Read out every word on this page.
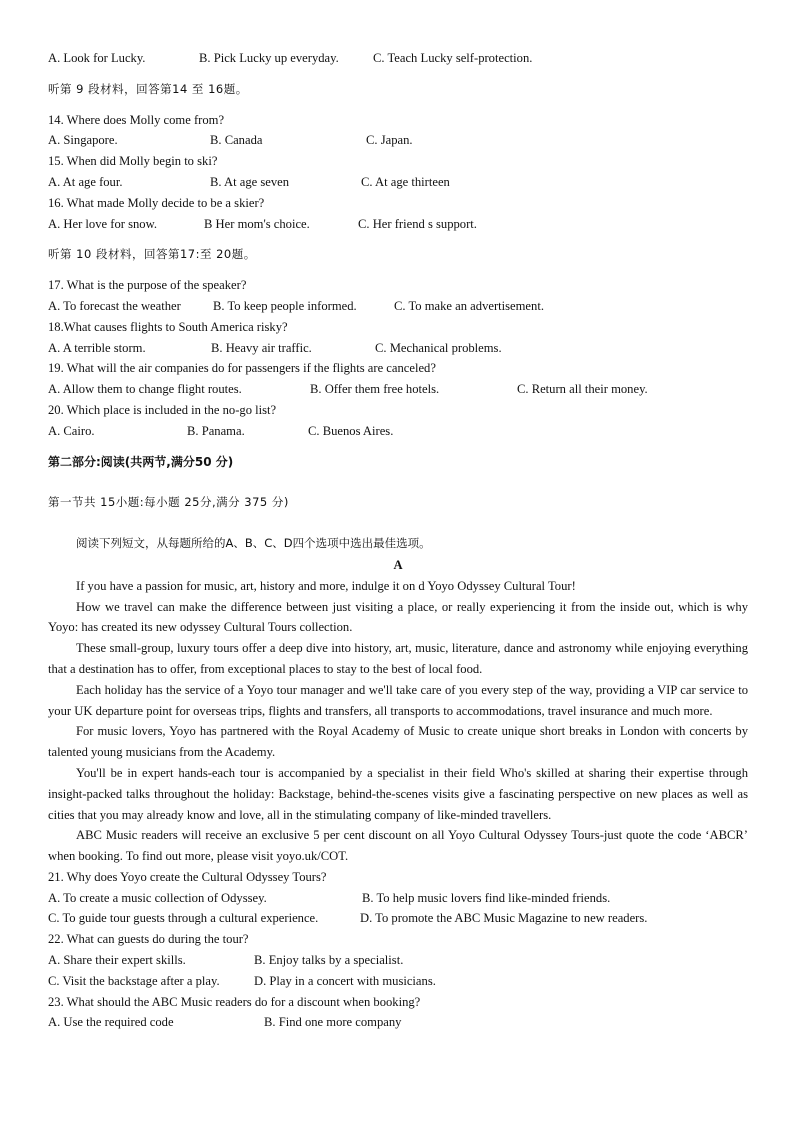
A. Look for Lucky.	B. Pick Lucky up everyday.	C. Teach Lucky self-protection.
听第 9 段材料，回答第14 至 16题。
14. Where does Molly come from?
A. Singapore.	B. Canada	C. Japan.
15. When did Molly begin to ski?
A. At age four.	B. At age seven	C. At age thirteen
16. What made Molly decide to be a skier?
A. Her love for snow.	B Her mom's choice.	C. Her friend s support.
听第 10 段材料，回答第17:至 20题。
17. What is the purpose of the speaker?
A. To forecast the weather	B. To keep people informed.	C. To make an advertisement.
18.What causes flights to South America risky?
A. A terrible storm.	B. Heavy air traffic.	C. Mechanical problems.
19. What will the air companies do for passengers if the flights are canceled?
A. Allow them to change flight routes.	B. Offer them free hotels.	C. Return all their money.
20. Which place is included in the no-go list?
A. Cairo.	B. Panama.	C. Buenos Aires.
第二部分:阅读(共两节,满分50 分)
第一节共 15小题:每小题 25分,满分 375 分)
阅读下列短文，从每题所给的A、B、C、D四个选项中选出最佳选项。
A

If you have a passion for music, art, history and more, indulge it on d Yoyo Odyssey Cultural Tour!

How we travel can make the difference between just visiting a place, or really experiencing it from the inside out, which is why Yoyo: has created its new odyssey Cultural Tours collection.

These small-group, luxury tours offer a deep dive into history, art, music, literature, dance and astronomy while enjoying everything that a destination has to offer, from exceptional places to stay to the best of local food.

Each holiday has the service of a Yoyo tour manager and we'll take care of you every step of the way, providing a VIP car service to your UK departure point for overseas trips, flights and transfers, all transports to accommodations, travel insurance and much more.

For music lovers, Yoyo has partnered with the Royal Academy of Music to create unique short breaks in London with concerts by talented young musicians from the Academy.

You'll be in expert hands-each tour is accompanied by a specialist in their field Who's skilled at sharing their expertise through insight-packed talks throughout the holiday: Backstage, behind-the-scenes visits give a fascinating perspective on new places as well as cities that you may already know and love, all in the stimulating company of like-minded travellers.

ABC Music readers will receive an exclusive 5 per cent discount on all Yoyo Cultural Odyssey Tours-just quote the code ‘ABCR’ when booking. To find out more, please visit yoyo.uk/COT.

21. Why does Yoyo create the Cultural Odyssey Tours?
A. To create a music collection of Odyssey.	B. To help music lovers find like-minded friends.
C. To guide tour guests through a cultural experience.	D. To promote the ABC Music Magazine to new readers.
22. What can guests do during the tour?
A. Share their expert skills.	B. Enjoy talks by a specialist.
C. Visit the backstage after a play.	D. Play in a concert with musicians.
23. What should the ABC Music readers do for a discount when booking?
A. Use the required code	B. Find one more company
